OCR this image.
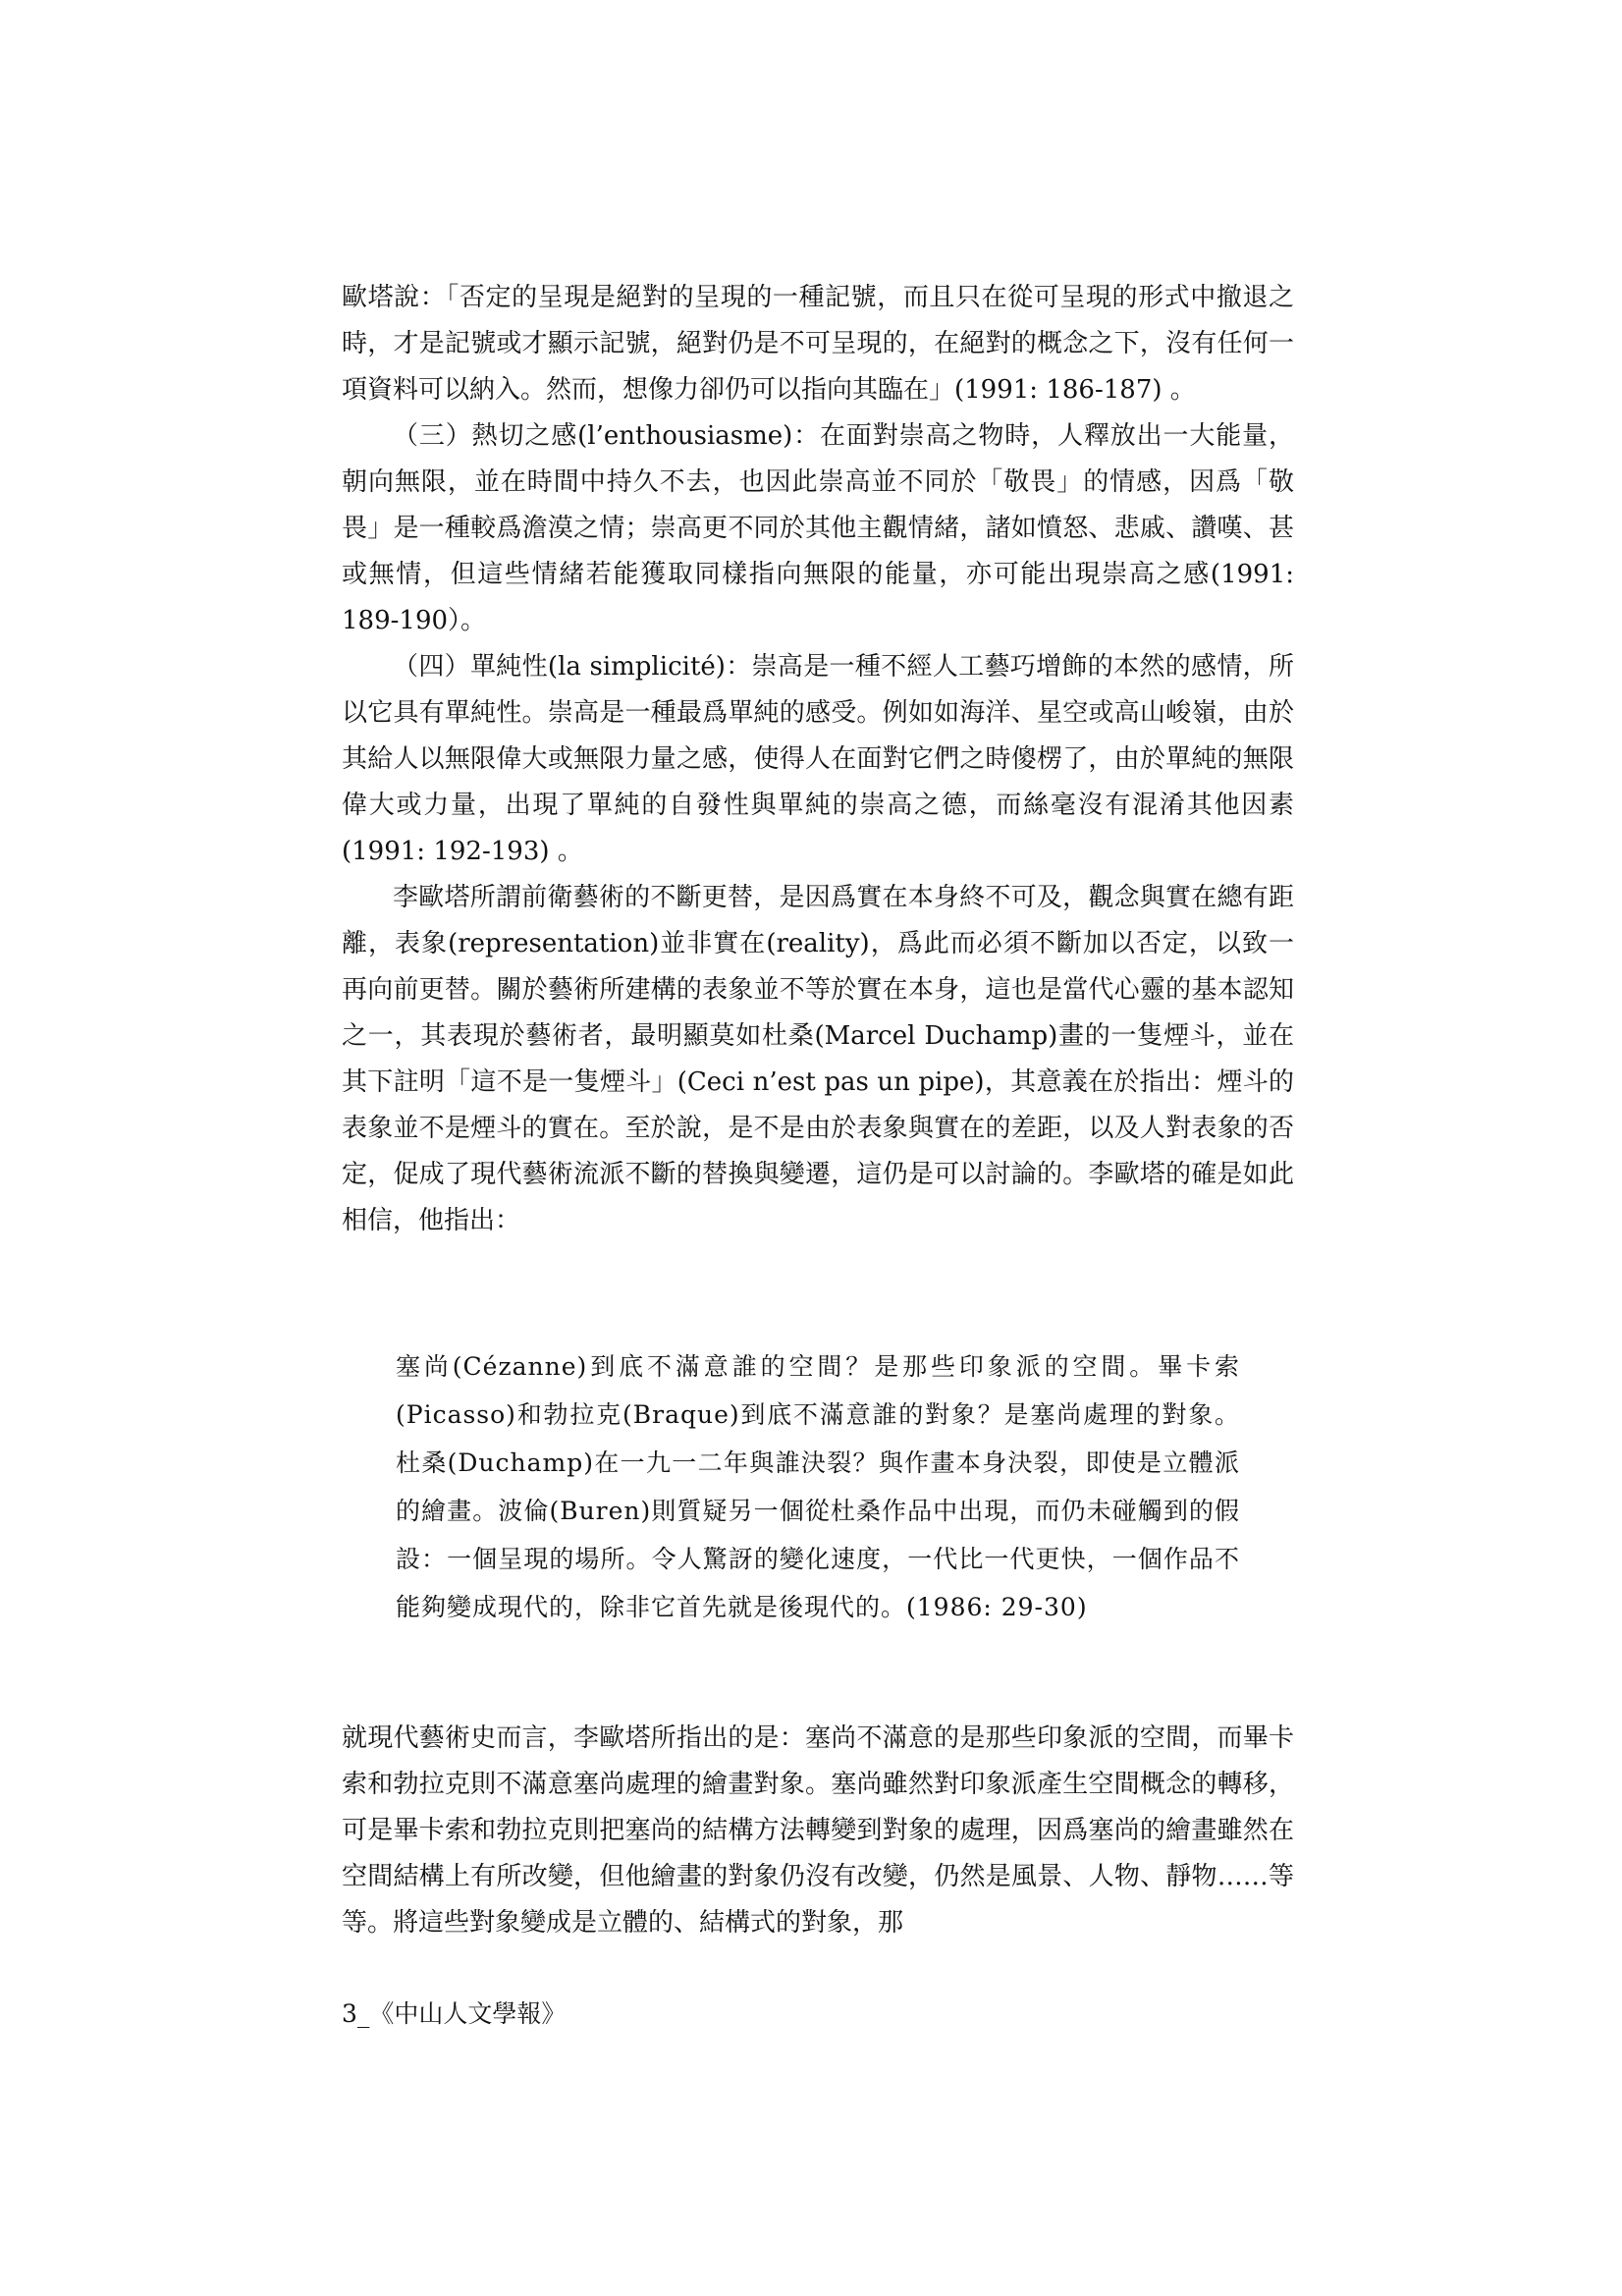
歐塔說：「否定的呈現是絕對的呈現的一種記號，而且只在從可呈現的形式中撤退之時，才是記號或才顯示記號，絕對仍是不可呈現的，在絕對的概念之下，沒有任何一項資料可以納入。然而，想像力卻仍可以指向其臨在」(1991: 186-187) 。

（三）熱切之感(l’enthousiasme)：在面對崇高之物時，人釋放出一大能量，朝向無限，並在時間中持久不去，也因此崇高並不同於「敬畏」的情感，因爲「敬畏」是一種較爲澹漠之情；崇高更不同於其他主觀情緒，諸如憤怒、悲戚、讚嘆、甚或無情，但這些情緒若能獲取同樣指向無限的能量，亦可能出現崇高之感(1991: 189-190）。

（四）單純性(la simplicité)：崇高是一種不經人工藝巧增飾的本然的感情，所以它具有單純性。崇高是一種最爲單純的感受。例如如海洋、星空或高山峻嶺，由於其給人以無限偉大或無限力量之感，使得人在面對它們之時傻楞了，由於單純的無限偉大或力量，出現了單純的自發性與單純的崇高之德，而絲毫沒有混淆其他因素(1991: 192-193) 。

李歐塔所謂前衛藝術的不斷更替，是因爲實在本身終不可及，觀念與實在總有距離，表象(representation)並非實在(reality)，爲此而必須不斷加以否定，以致一再向前更替。關於藝術所建構的表象並不等於實在本身，這也是當代心靈的基本認知之一，其表現於藝術者，最明顯莫如杜桑(Marcel Duchamp)畫的一隻煙斗，並在其下註明「這不是一隻煙斗」(Ceci n’est pas un pipe)，其意義在於指出：煙斗的表象並不是煙斗的實在。至於說，是不是由於表象與實在的差距，以及人對表象的否定，促成了現代藝術流派不斷的替換與變遷，這仍是可以討論的。李歐塔的確是如此相信，他指出：

塞尚(Cézanne)到底不滿意誰的空間？是那些印象派的空間。畢卡索(Picasso)和勃拉克(Braque)到底不滿意誰的對象？是塞尚處理的對象。杜桑(Duchamp)在一九一二年與誰決裂？與作畫本身決裂，即使是立體派的繪畫。波倫(Buren)則質疑另一個從杜桑作品中出現，而仍未碰觸到的假設：一個呈現的場所。令人驚訝的變化速度，一代比一代更快，一個作品不能夠變成現代的，除非它首先就是後現代的。(1986: 29-30)

就現代藝術史而言，李歐塔所指出的是：塞尚不滿意的是那些印象派的空間，而畢卡索和勃拉克則不滿意塞尚處理的繪畫對象。塞尚雖然對印象派產生空間概念的轉移，可是畢卡索和勃拉克則把塞尚的結構方法轉變到對象的處理，因爲塞尚的繪畫雖然在空間結構上有所改變，但他繪畫的對象仍沒有改變，仍然是風景、人物、靜物……等等。將這些對象變成是立體的、結構式的對象，那

3_《中山人文學報》
